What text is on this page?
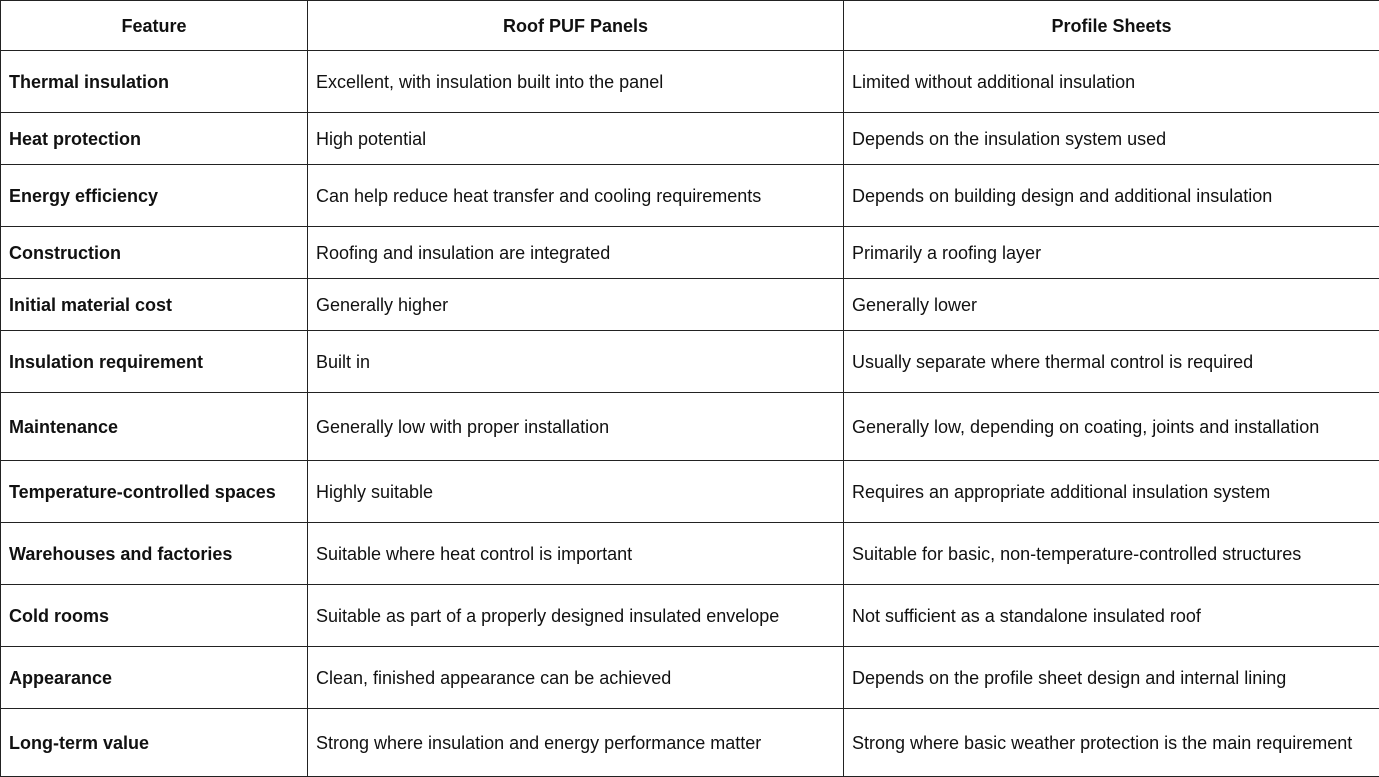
Feature	Roof PUF Panels	Profile Sheets
Thermal insulation	Excellent, with insulation built into the panel	Limited without additional insulation
Heat protection	High potential	Depends on the insulation system used
Energy efficiency	Can help reduce heat transfer and cooling requirements	Depends on building design and additional insulation
Construction	Roofing and insulation are integrated	Primarily a roofing layer
Initial material cost	Generally higher	Generally lower
Insulation requirement	Built in	Usually separate where thermal control is required
Maintenance	Generally low with proper installation	Generally low, depending on coating, joints and installation
Temperature-controlled spaces	Highly suitable	Requires an appropriate additional insulation system
Warehouses and factories	Suitable where heat control is important	Suitable for basic, non-temperature-controlled structures
Cold rooms	Suitable as part of a properly designed insulated envelope	Not sufficient as a standalone insulated roof
Appearance	Clean, finished appearance can be achieved	Depends on the profile sheet design and internal lining
Long-term value	Strong where insulation and energy performance matter	Strong where basic weather protection is the main requirement
